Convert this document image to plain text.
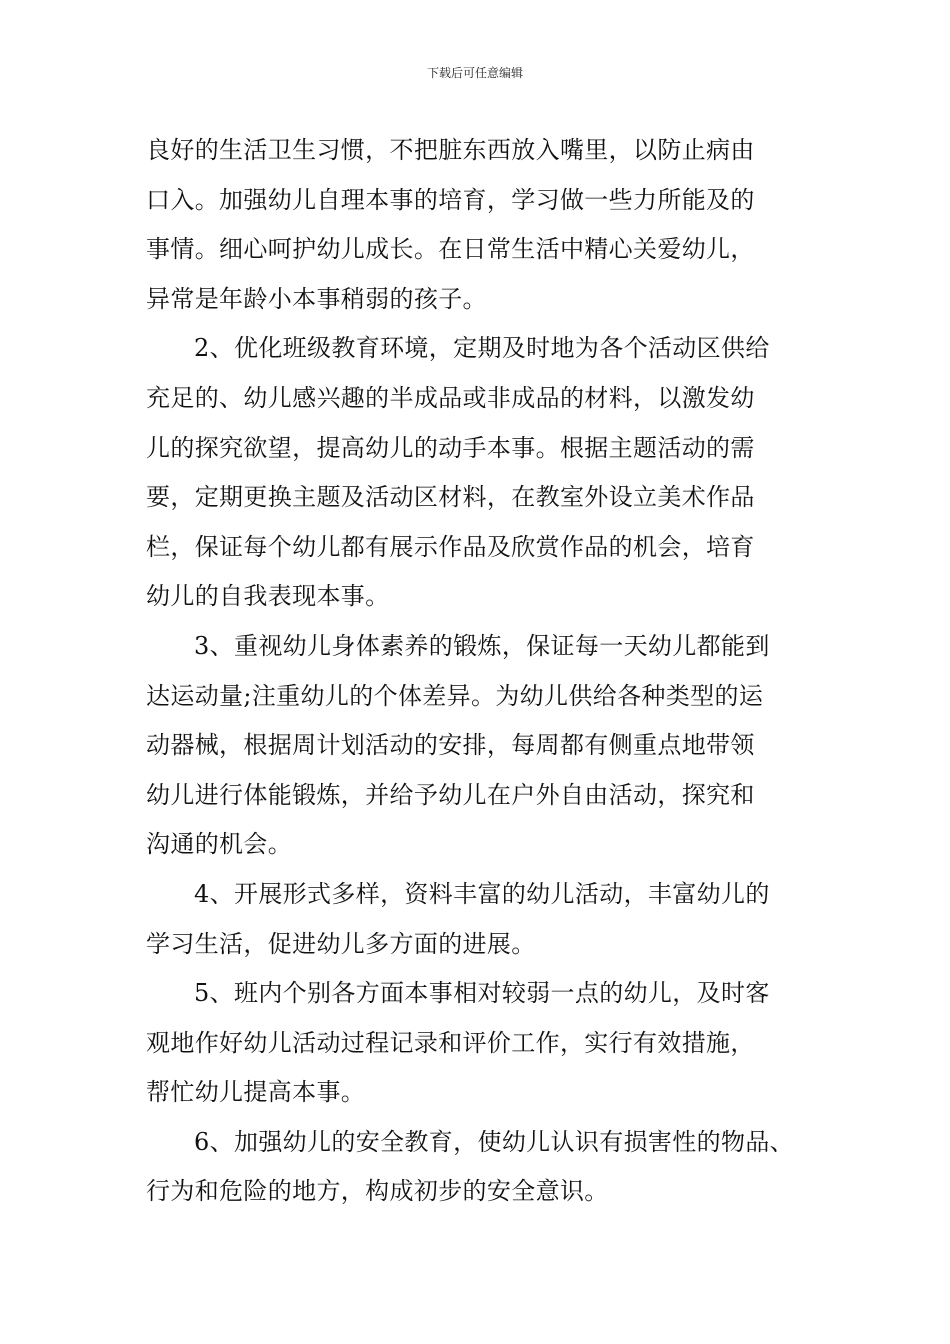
下载后可任意编辑

良好的生活卫生习惯，不把脏东西放入嘴里，以防止病由
口入。加强幼儿自理本事的培育，学习做一些力所能及的
事情。细心呵护幼儿成长。在日常生活中精心关爱幼儿，
异常是年龄小本事稍弱的孩子。

2、优化班级教育环境，定期及时地为各个活动区供给
充足的、幼儿感兴趣的半成品或非成品的材料，以激发幼
儿的探究欲望，提高幼儿的动手本事。根据主题活动的需
要，定期更换主题及活动区材料，在教室外设立美术作品
栏，保证每个幼儿都有展示作品及欣赏作品的机会，培育
幼儿的自我表现本事。

3、重视幼儿身体素养的锻炼，保证每一天幼儿都能到
达运动量;注重幼儿的个体差异。为幼儿供给各种类型的运
动器械，根据周计划活动的安排，每周都有侧重点地带领
幼儿进行体能锻炼，并给予幼儿在户外自由活动，探究和
沟通的机会。

4、开展形式多样，资料丰富的幼儿活动，丰富幼儿的
学习生活，促进幼儿多方面的进展。

5、班内个别各方面本事相对较弱一点的幼儿，及时客
观地作好幼儿活动过程记录和评价工作，实行有效措施，
帮忙幼儿提高本事。

6、加强幼儿的安全教育，使幼儿认识有损害性的物品、
行为和危险的地方，构成初步的安全意识。
